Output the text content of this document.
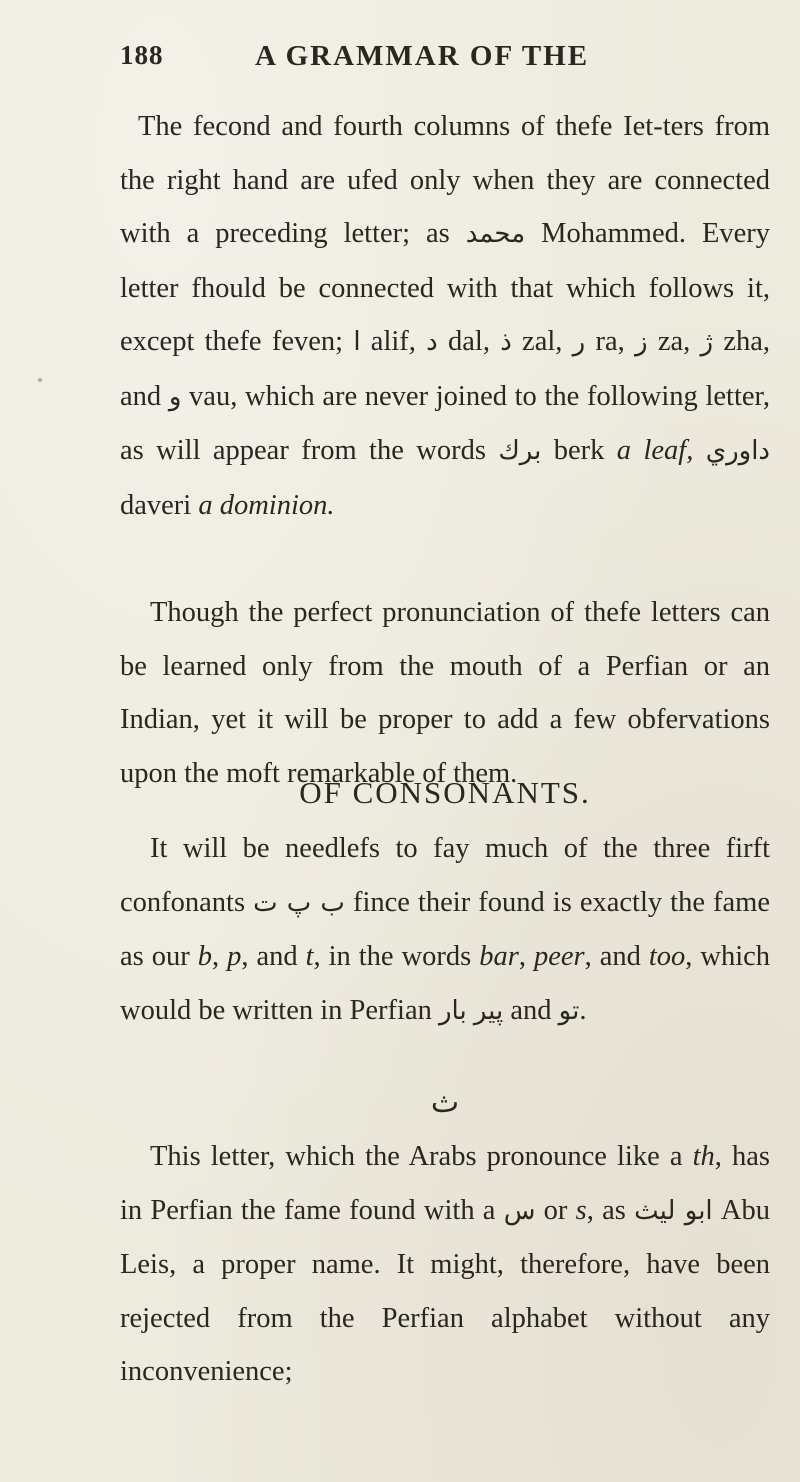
188	A GRAMMAR OF THE

The fecond and fourth columns of thefe Iet-ters from the right hand are ufed only when they are connected with a preceding letter; as محمد Mohammed. Every letter fhould be connected with that which follows it, except thefe feven; ا alif, د dal, ذ zal, ر ra, ز za, ژ zha, and و vau, which are never joined to the following letter, as will appear from the words برك berk a leaf, داوري daveri a dominion.

Though the perfect pronunciation of thefe letters can be learned only from the mouth of a Perfian or an Indian, yet it will be proper to add a few obfervations upon the moft remarkable of them.

OF CONSONANTS.

It will be needlefs to fay much of the three firft confonants ب پ ت fince their found is exactly the fame as our b, p, and t, in the words bar, peer, and too, which would be written in Perfian بار پير and تو.

ث

This letter, which the Arabs pronounce like a th, has in Perfian the fame found with a س or s, as ابو ليث Abu Leis, a proper name. It might, therefore, have been rejected from the Perfian alphabet without any inconvenience;
